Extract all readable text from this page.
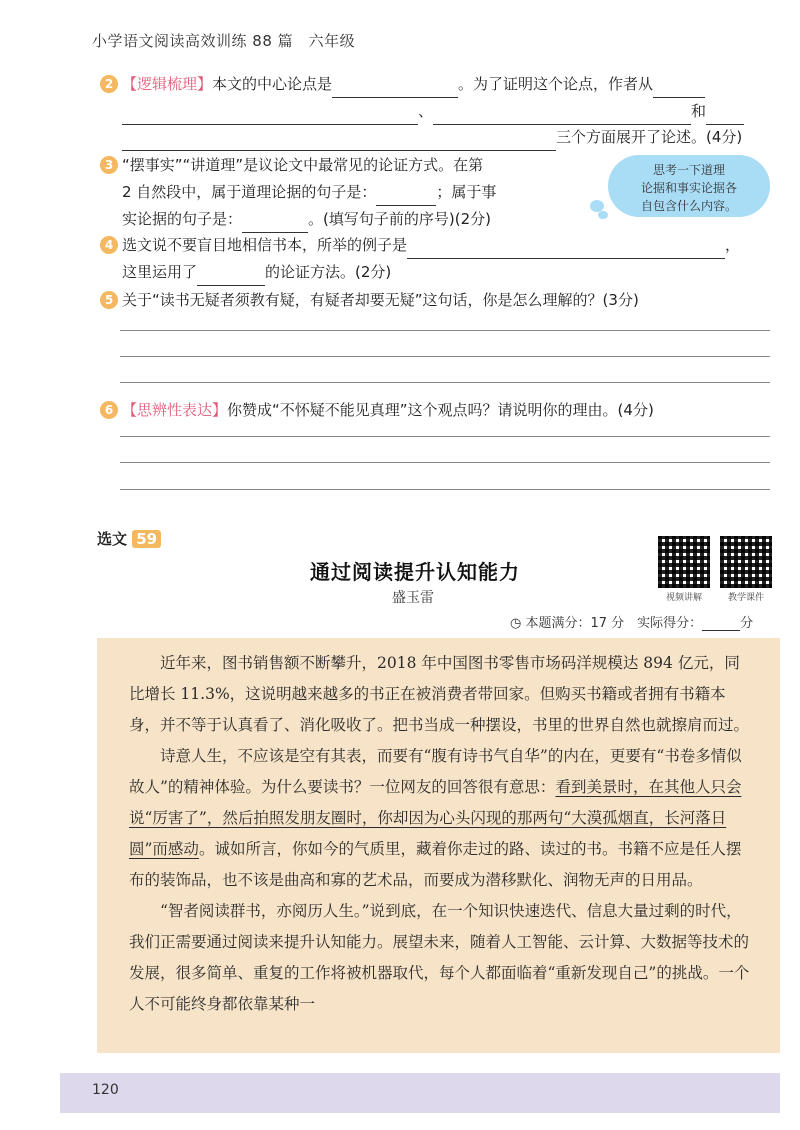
小学语文阅读高效训练 88 篇　六年级
2 【逻辑梳理】本文的中心论点是	。为了证明这个论点，作者从
、	和
三个方面展开了论述。(4分)
3 “摆事实”“讲道理”是议论文中最常见的论证方式。在第
2 自然段中，属于道理论据的句子是：	；属于事
实论据的句子是：	。(填写句子前的序号)(2分)
思考一下道理
论据和事实论据各
自包含什么内容。
4 选文说不要盲目地相信书本，所举的例子是	，
这里运用了	的论证方法。(2分)
5 关于“读书无疑者须教有疑，有疑者却要无疑”这句话，你是怎么理解的？(3分)
6 【思辨性表达】你赞成“不怀疑不能见真理”这个观点吗？请说明你的理由。(4分)
选文 59
通过阅读提升认知能力
盛玉雷	视频讲解	教学课件
◷ 本题满分：17 分　实际得分：	分

近年来，图书销售额不断攀升，2018 年中国图书零售市场码洋规模达 894 亿元，同比增长 11.3%，这说明越来越多的书正在被消费者带回家。但购买书籍或者拥有书籍本身，并不等于认真看了、消化吸收了。把书当成一种摆设，书里的世界自然也就擦肩而过。

诗意人生，不应该是空有其表，而要有“腹有诗书气自华”的内在，更要有“书卷多情似故人”的精神体验。为什么要读书？一位网友的回答很有意思：看到美景时，在其他人只会说“厉害了”，然后拍照发朋友圈时，你却因为心头闪现的那两句“大漠孤烟直，长河落日圆”而感动。诚如所言，你如今的气质里，藏着你走过的路、读过的书。书籍不应是任人摆布的装饰品，也不该是曲高和寡的艺术品，而要成为潜移默化、润物无声的日用品。

“智者阅读群书，亦阅历人生。”说到底，在一个知识快速迭代、信息大量过剩的时代，我们正需要通过阅读来提升认知能力。展望未来，随着人工智能、云计算、大数据等技术的发展，很多简单、重复的工作将被机器取代，每个人都面临着“重新发现自己”的挑战。一个人不可能终身都依靠某种一

120
